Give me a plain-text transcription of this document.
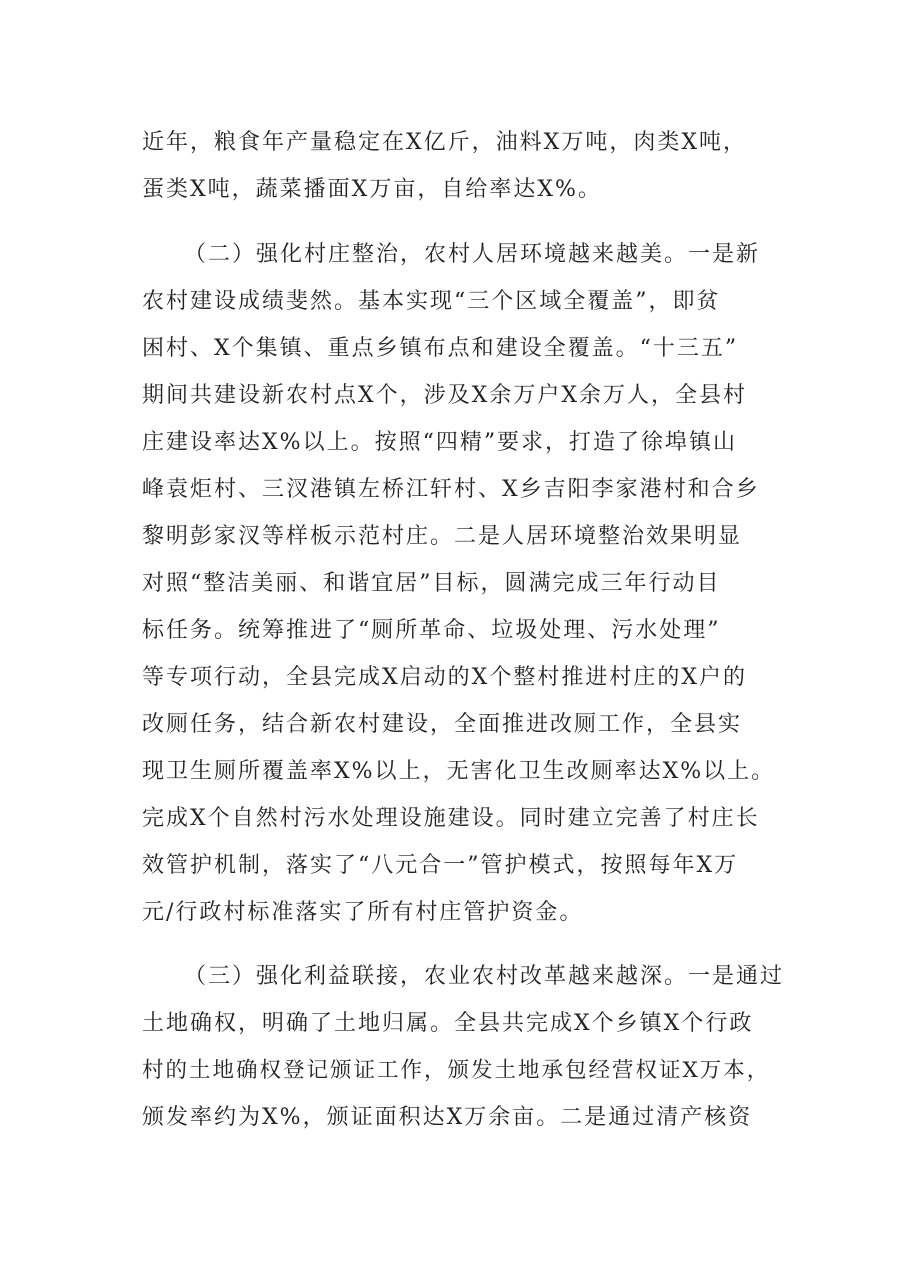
近年，粮食年产量稳定在X亿斤，油料X万吨，肉类X吨，
蛋类X吨，蔬菜播面X万亩，自给率达X%。
（二）强化村庄整治，农村人居环境越来越美。一是新
农村建设成绩斐然。基本实现“三个区域全覆盖”，即贫
困村、X个集镇、重点乡镇布点和建设全覆盖。“十三五”
期间共建设新农村点X个，涉及X余万户X余万人，全县村
庄建设率达X%以上。按照“四精”要求，打造了徐埠镇山
峰袁炬村、三汊港镇左桥江轩村、X乡吉阳李家港村和合乡
黎明彭家汊等样板示范村庄。二是人居环境整治效果明显
对照“整洁美丽、和谐宜居”目标，圆满完成三年行动目
标任务。统筹推进了“厕所革命、垃圾处理、污水处理”
等专项行动，全县完成X启动的X个整村推进村庄的X户的
改厕任务，结合新农村建设，全面推进改厕工作，全县实
现卫生厕所覆盖率X%以上，无害化卫生改厕率达X%以上。
完成X个自然村污水处理设施建设。同时建立完善了村庄长
效管护机制，落实了“八元合一”管护模式，按照每年X万
元/行政村标准落实了所有村庄管护资金。
（三）强化利益联接，农业农村改革越来越深。一是通过
土地确权，明确了土地归属。全县共完成X个乡镇X个行政
村的土地确权登记颁证工作，颁发土地承包经营权证X万本，
颁发率约为X%，颁证面积达X万余亩。二是通过清产核资
